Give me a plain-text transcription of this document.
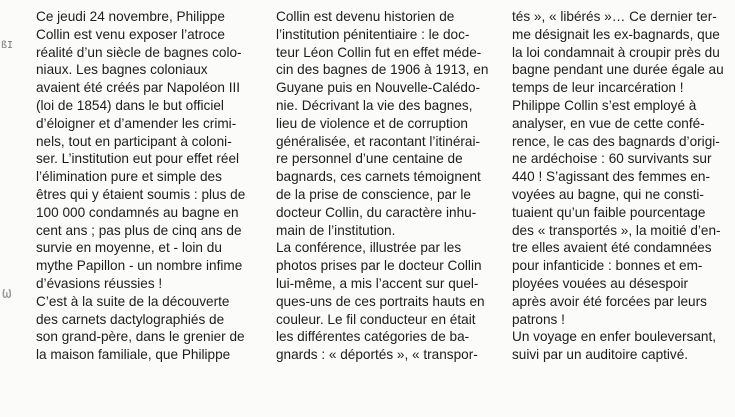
ßI
ω
Ce jeudi 24 novembre, Philippe
Collin est venu exposer l’atroce
réalité d’un siècle de bagnes colo-
niaux. Les bagnes coloniaux
avaient été créés par Napoléon III
(loi de 1854) dans le but officiel
d’éloigner et d’amender les crimi-
nels, tout en participant à coloni-
ser. L’institution eut pour effet réel
l’élimination pure et simple des
êtres qui y étaient soumis : plus de
100 000 condamnés au bagne en
cent ans ; pas plus de cinq ans de
survie en moyenne, et - loin du
mythe Papillon - un nombre infime
d’évasions réussies !
C’est à la suite de la découverte
des carnets dactylographiés de
son grand-père, dans le grenier de
la maison familiale, que Philippe
Collin est devenu historien de
l’institution pénitentiaire : le doc-
teur Léon Collin fut en effet méde-
cin des bagnes de 1906 à 1913, en
Guyane puis en Nouvelle-Calédo-
nie. Décrivant la vie des bagnes,
lieu de violence et de corruption
généralisée, et racontant l’itinérai-
re personnel d’une centaine de
bagnards, ces carnets témoignent
de la prise de conscience, par le
docteur Collin, du caractère inhu-
main de l’institution.
La conférence, illustrée par les
photos prises par le docteur Collin
lui-même, a mis l’accent sur quel-
ques-uns de ces portraits hauts en
couleur. Le fil conducteur en était
les différentes catégories de ba-
gnards : « déportés », « transpor-
tés », « libérés »… Ce dernier ter-
me désignait les ex-bagnards, que
la loi condamnait à croupir près du
bagne pendant une durée égale au
temps de leur incarcération !
Philippe Collin s’est employé à
analyser, en vue de cette confé-
rence, le cas des bagnards d’origi-
ne ardéchoise : 60 survivants sur
440 ! S’agissant des femmes en-
voyées au bagne, qui ne consti-
tuaient qu’un faible pourcentage
des « transportés », la moitié d’en-
tre elles avaient été condamnées
pour infanticide : bonnes et em-
ployées vouées au désespoir
après avoir été forcées par leurs
patrons !
Un voyage en enfer bouleversant,
suivi par un auditoire captivé.
